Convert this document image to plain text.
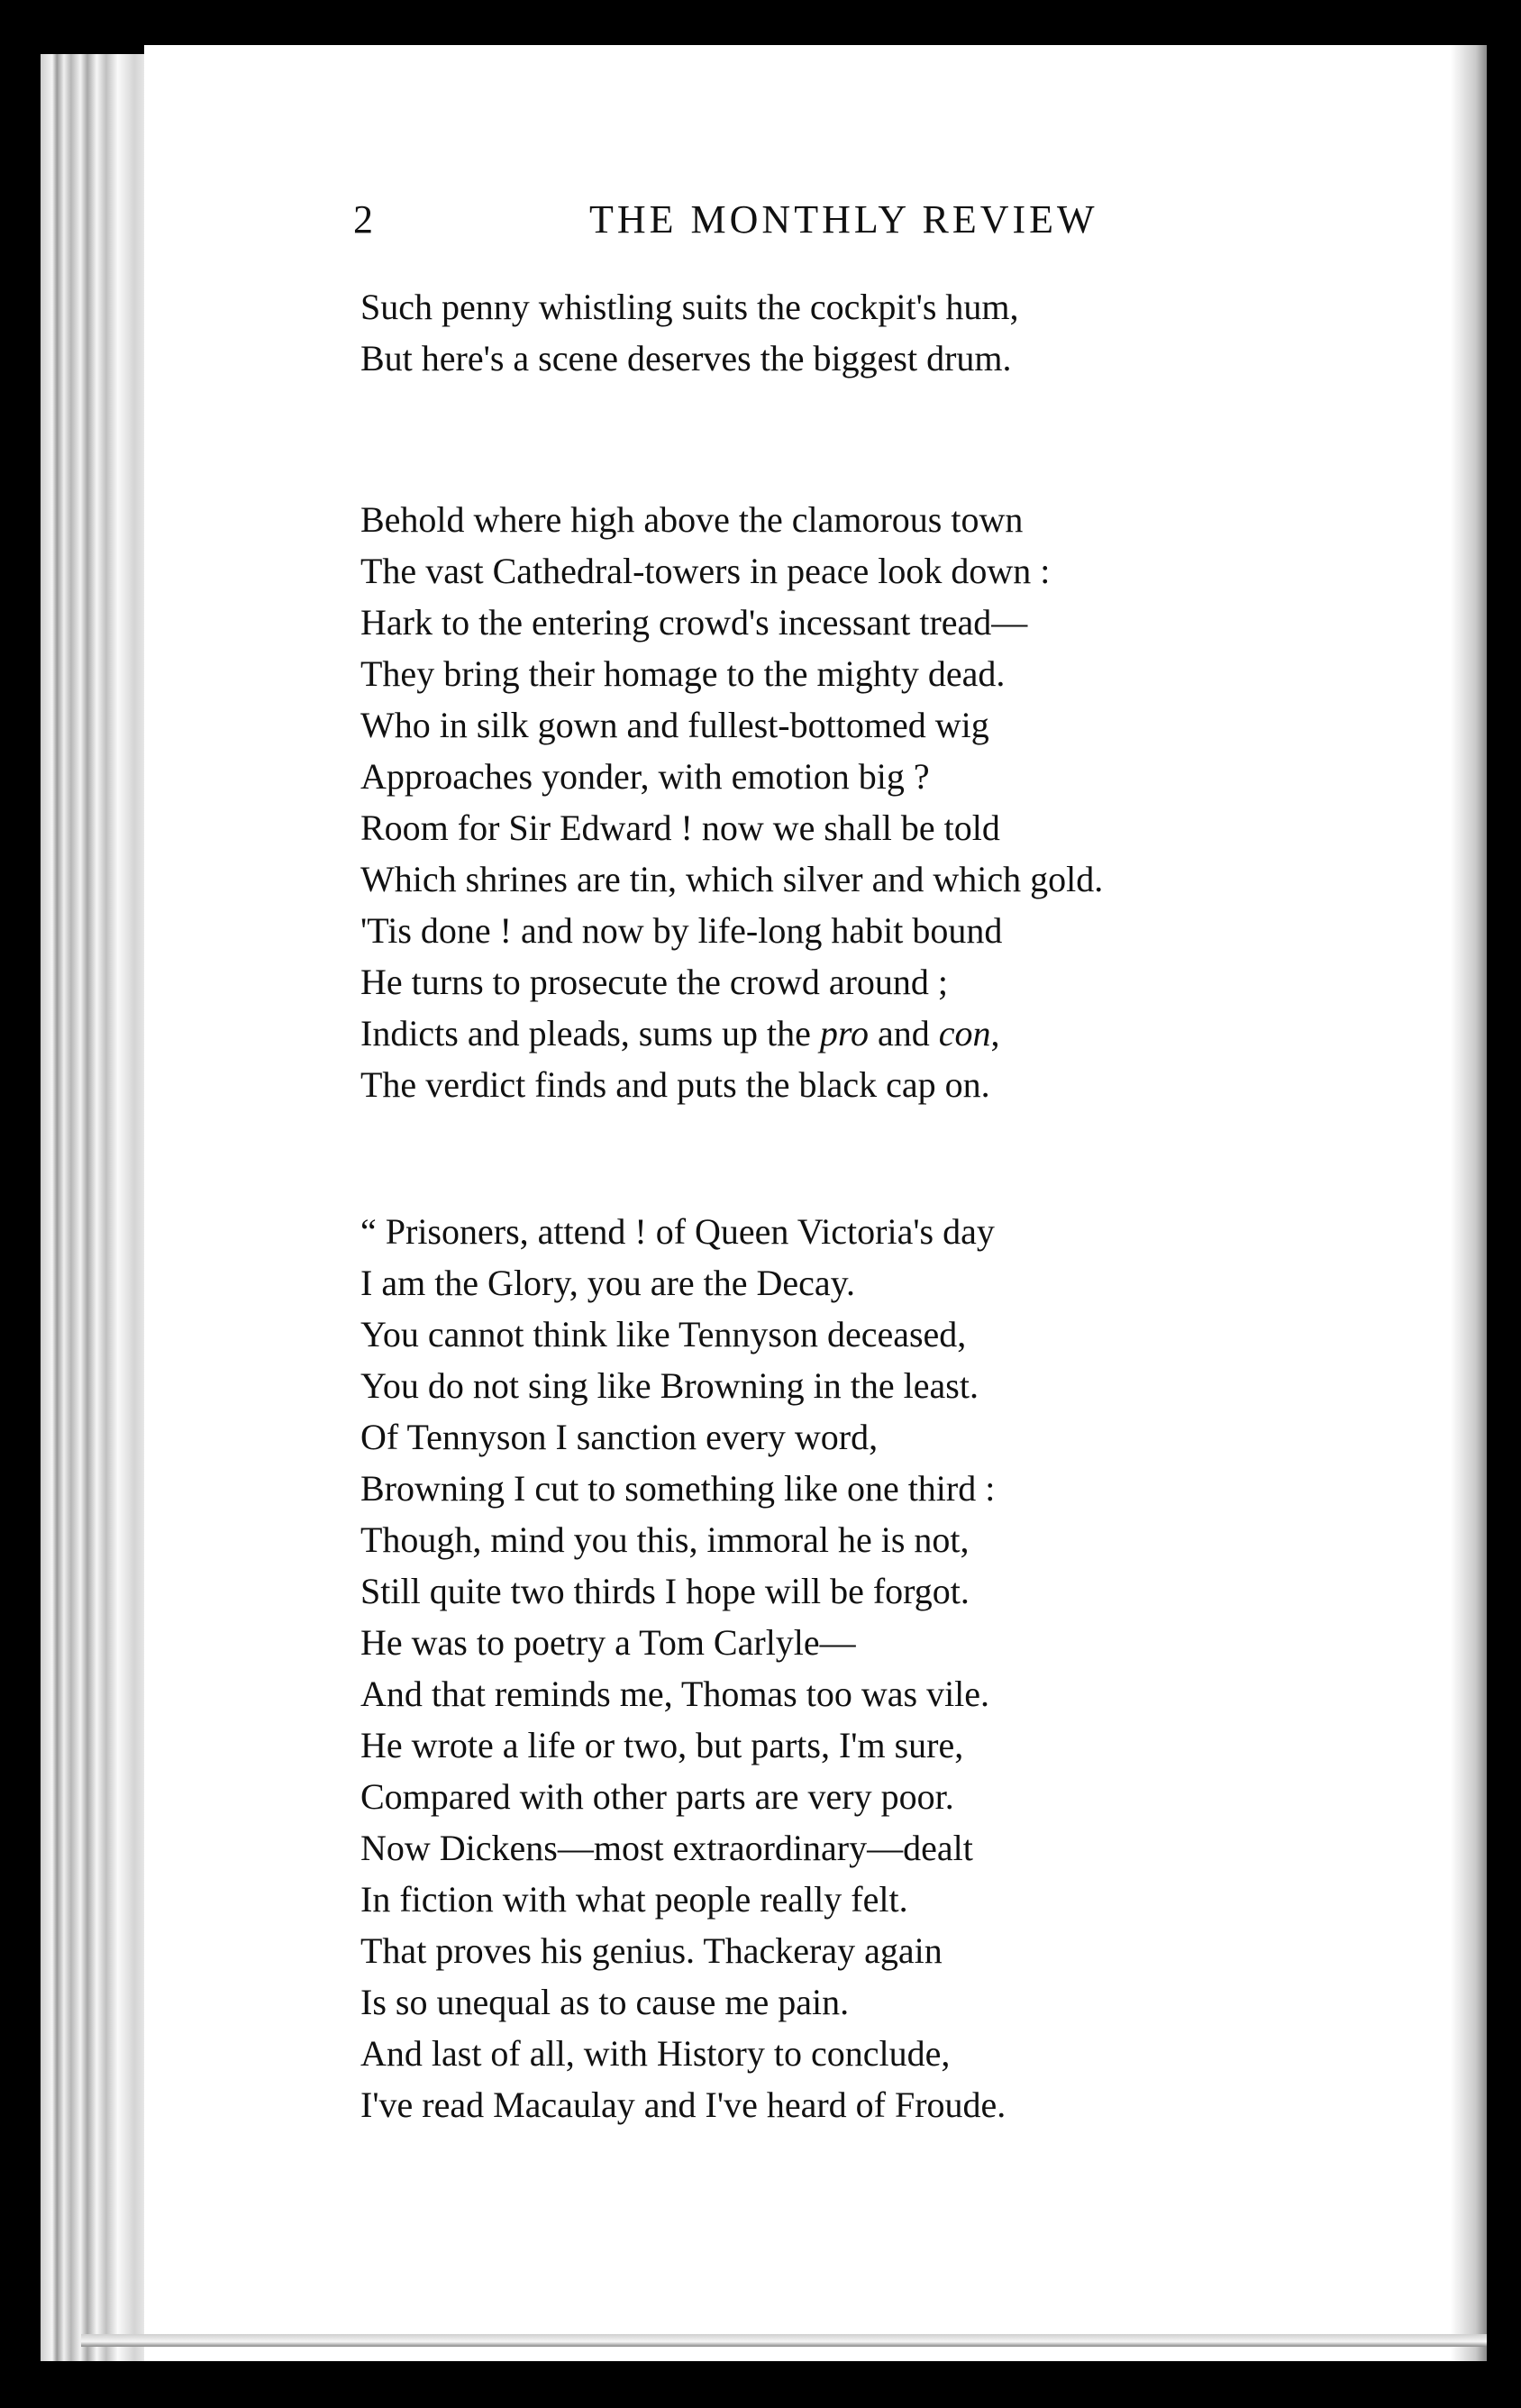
2	THE MONTHLY REVIEW
Such penny whistling suits the cockpit's hum,
But here's a scene deserves the biggest drum.
Behold where high above the clamorous town
The vast Cathedral-towers in peace look down :
Hark to the entering crowd's incessant tread—
They bring their homage to the mighty dead.
Who in silk gown and fullest-bottomed wig
Approaches yonder, with emotion big ?
Room for Sir Edward ! now we shall be told
Which shrines are tin, which silver and which gold.
'Tis done ! and now by life-long habit bound
He turns to prosecute the crowd around ;
Indicts and pleads, sums up the pro and con,
The verdict finds and puts the black cap on.
“ Prisoners, attend ! of Queen Victoria's day
I am the Glory, you are the Decay.
You cannot think like Tennyson deceased,
You do not sing like Browning in the least.
Of Tennyson I sanction every word,
Browning I cut to something like one third :
Though, mind you this, immoral he is not,
Still quite two thirds I hope will be forgot.
He was to poetry a Tom Carlyle—
And that reminds me, Thomas too was vile.
He wrote a life or two, but parts, I'm sure,
Compared with other parts are very poor.
Now Dickens—most extraordinary—dealt
In fiction with what people really felt.
That proves his genius. Thackeray again
Is so unequal as to cause me pain.
And last of all, with History to conclude,
I've read Macaulay and I've heard of Froude.
